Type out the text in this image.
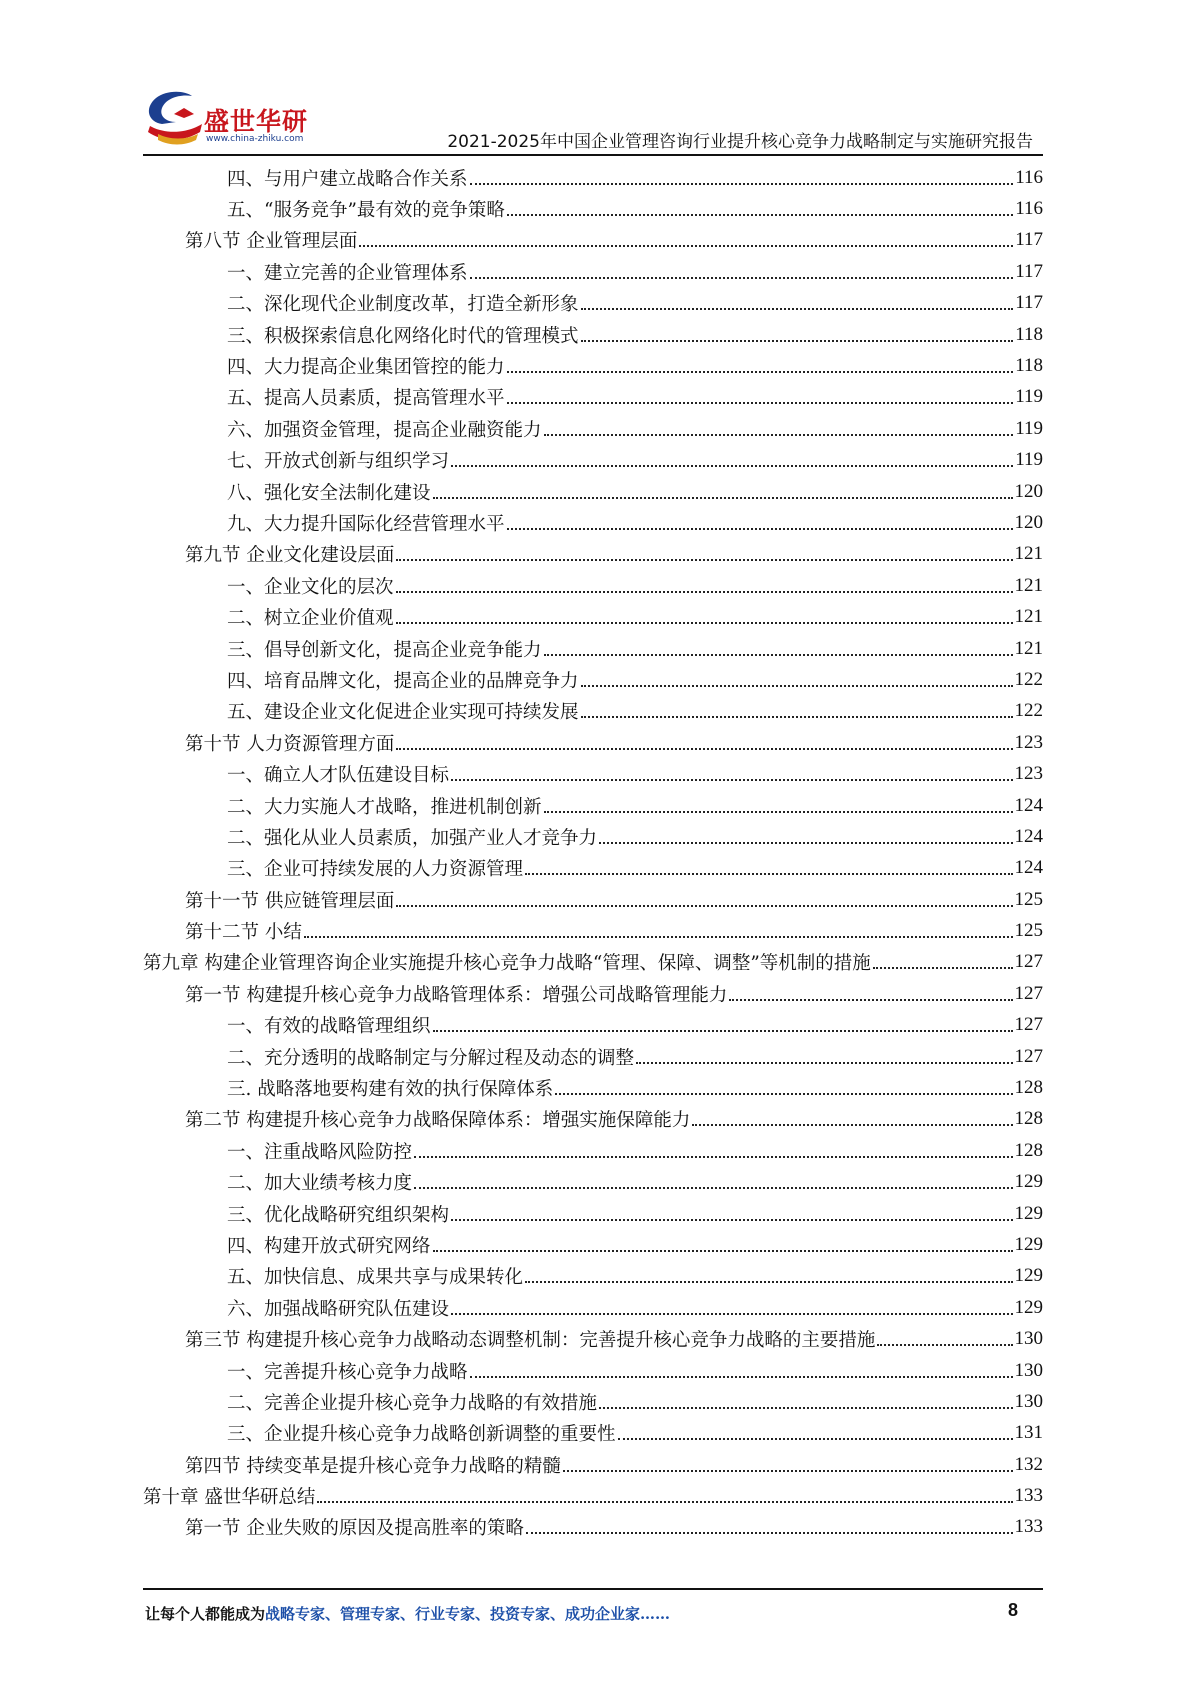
盛世华研
www.china-zhiku.com	2021-2025年中国企业管理咨询行业提升核心竞争力战略制定与实施研究报告
四、与用户建立战略合作关系	116
五、“服务竞争”最有效的竞争策略	116
第八节 企业管理层面	117
一、建立完善的企业管理体系	117
二、深化现代企业制度改革，打造全新形象	117
三、积极探索信息化网络化时代的管理模式	118
四、大力提高企业集团管控的能力	118
五、提高人员素质，提高管理水平	119
六、加强资金管理，提高企业融资能力	119
七、开放式创新与组织学习	119
八、强化安全法制化建设	120
九、大力提升国际化经营管理水平	120
第九节 企业文化建设层面	121
一、企业文化的层次	121
二、树立企业价值观	121
三、倡导创新文化，提高企业竞争能力	121
四、培育品牌文化，提高企业的品牌竞争力	122
五、建设企业文化促进企业实现可持续发展	122
第十节 人力资源管理方面	123
一、确立人才队伍建设目标	123
二、大力实施人才战略，推进机制创新	124
二、强化从业人员素质，加强产业人才竞争力	124
三、企业可持续发展的人力资源管理	124
第十一节 供应链管理层面	125
第十二节 小结	125
第九章 构建企业管理咨询企业实施提升核心竞争力战略“管理、保障、调整”等机制的措施	127
第一节 构建提升核心竞争力战略管理体系：增强公司战略管理能力	127
一、有效的战略管理组织	127
二、充分透明的战略制定与分解过程及动态的调整	127
三. 战略落地要构建有效的执行保障体系	128
第二节 构建提升核心竞争力战略保障体系：增强实施保障能力	128
一、注重战略风险防控	128
二、加大业绩考核力度	129
三、优化战略研究组织架构	129
四、构建开放式研究网络	129
五、加快信息、成果共享与成果转化	129
六、加强战略研究队伍建设	129
第三节 构建提升核心竞争力战略动态调整机制：完善提升核心竞争力战略的主要措施	130
一、完善提升核心竞争力战略	130
二、完善企业提升核心竞争力战略的有效措施	130
三、企业提升核心竞争力战略创新调整的重要性	131
第四节 持续变革是提升核心竞争力战略的精髓	132
第十章 盛世华研总结	133
第一节 企业失败的原因及提高胜率的策略	133
让每个人都能成为战略专家、管理专家、行业专家、投资专家、成功企业家……	8
